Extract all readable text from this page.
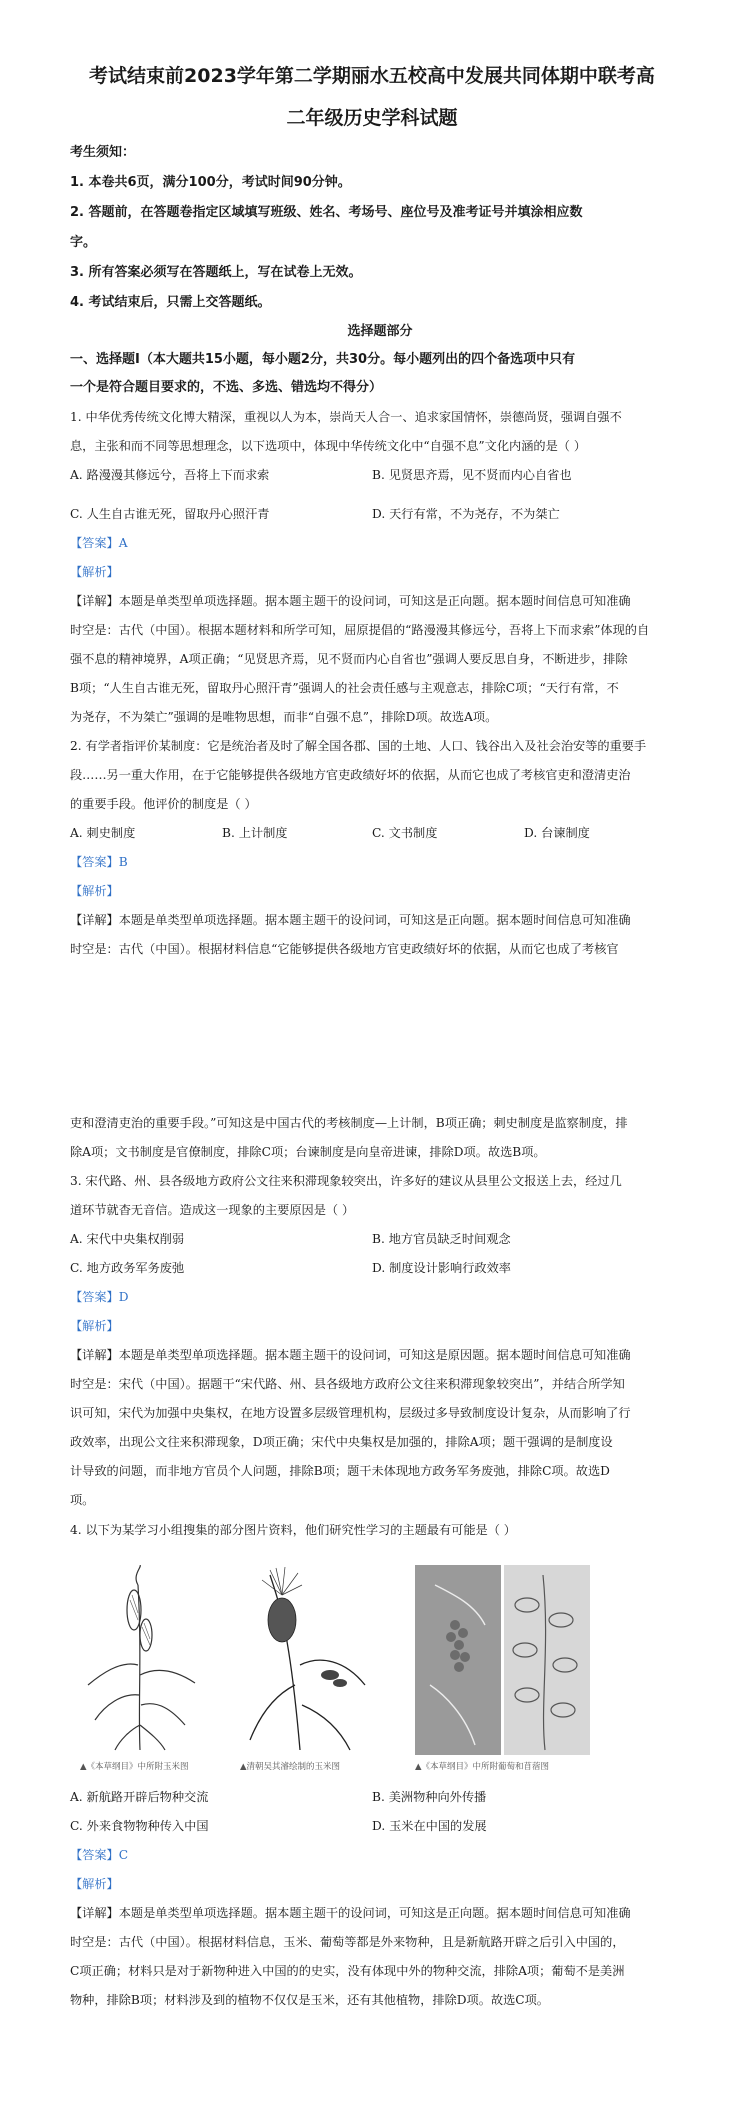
考试结束前2023学年第二学期丽水五校高中发展共同体期中联考高
二年级历史学科试题
考生须知：
1. 本卷共6页，满分100分，考试时间90分钟。
2. 答题前，在答题卷指定区域填写班级、姓名、考场号、座位号及准考证号并填涂相应数
字。
3. 所有答案必须写在答题纸上，写在试卷上无效。
4. 考试结束后，只需上交答题纸。
选择题部分
一、选择题Ⅰ（本大题共15小题，每小题2分，共30分。每小题列出的四个备选项中只有
一个是符合题目要求的，不选、多选、错选均不得分）
1. 中华优秀传统文化博大精深，重视以人为本，崇尚天人合一、追求家国情怀，崇德尚贤，强调自强不
息，主张和而不同等思想理念，以下选项中，体现中华传统文化中“自强不息”文化内涵的是（ ）
A. 路漫漫其修远兮，吾将上下而求索	B. 见贤思齐焉，见不贤而内心自省也
C. 人生自古谁无死，留取丹心照汗青	D. 天行有常，不为尧存，不为桀亡
【答案】A
【解析】
【详解】本题是单类型单项选择题。据本题主题干的设问词，可知这是正向题。据本题时间信息可知准确
时空是：古代（中国）。根据本题材料和所学可知，屈原提倡的“路漫漫其修远兮，吾将上下而求索”体现的自
强不息的精神境界，A项正确；“见贤思齐焉，见不贤而内心自省也”强调人要反思自身，不断进步，排除
B项；“人生自古谁无死，留取丹心照汗青”强调人的社会责任感与主观意志，排除C项；“天行有常，不
为尧存，不为桀亡”强调的是唯物思想，而非“自强不息”，排除D项。故选A项。
2. 有学者指评价某制度：它是统治者及时了解全国各郡、国的土地、人口、钱谷出入及社会治安等的重要手
段……另一重大作用，在于它能够提供各级地方官吏政绩好坏的依据，从而它也成了考核官吏和澄清吏治
的重要手段。他评价的制度是（ ）
A. 刺史制度	B. 上计制度	C. 文书制度	D. 台谏制度
【答案】B
【解析】
【详解】本题是单类型单项选择题。据本题主题干的设问词，可知这是正向题。据本题时间信息可知准确
时空是：古代（中国）。根据材料信息“它能够提供各级地方官吏政绩好坏的依据，从而它也成了考核官
吏和澄清吏治的重要手段。”可知这是中国古代的考核制度—上计制，B项正确；刺史制度是监察制度，排
除A项；文书制度是官僚制度，排除C项；台谏制度是向皇帝进谏，排除D项。故选B项。
3. 宋代路、州、县各级地方政府公文往来积滞现象较突出，许多好的建议从县里公文报送上去，经过几
道环节就杳无音信。造成这一现象的主要原因是（ ）
A. 宋代中央集权削弱	B. 地方官员缺乏时间观念
C. 地方政务军务废弛	D. 制度设计影响行政效率
【答案】D
【解析】
【详解】本题是单类型单项选择题。据本题主题干的设问词，可知这是原因题。据本题时间信息可知准确
时空是：宋代（中国）。据题干“宋代路、州、县各级地方政府公文往来积滞现象较突出”，并结合所学知
识可知，宋代为加强中央集权，在地方设置多层级管理机构，层级过多导致制度设计复杂，从而影响了行
政效率，出现公文往来积滞现象，D项正确；宋代中央集权是加强的，排除A项；题干强调的是制度设
计导致的问题，而非地方官员个人问题，排除B项；题干未体现地方政务军务废弛，排除C项。故选D
项。
4. 以下为某学习小组搜集的部分图片资料，他们研究性学习的主题最有可能是（ ）
▲《本草纲目》中所附玉米图	▲清朝吴其濬绘制的玉米图	▲《本草纲目》中所附葡萄和苜蓿图
A. 新航路开辟后物种交流	B. 美洲物种向外传播
C. 外来食物物种传入中国	D. 玉米在中国的发展
【答案】C
【解析】
【详解】本题是单类型单项选择题。据本题主题干的设问词，可知这是正向题。据本题时间信息可知准确
时空是：古代（中国）。根据材料信息，玉米、葡萄等都是外来物种，且是新航路开辟之后引入中国的，
C项正确；材料只是对于新物种进入中国的的史实，没有体现中外的物种交流，排除A项；葡萄不是美洲
物种，排除B项；材料涉及到的植物不仅仅是玉米，还有其他植物，排除D项。故选C项。
